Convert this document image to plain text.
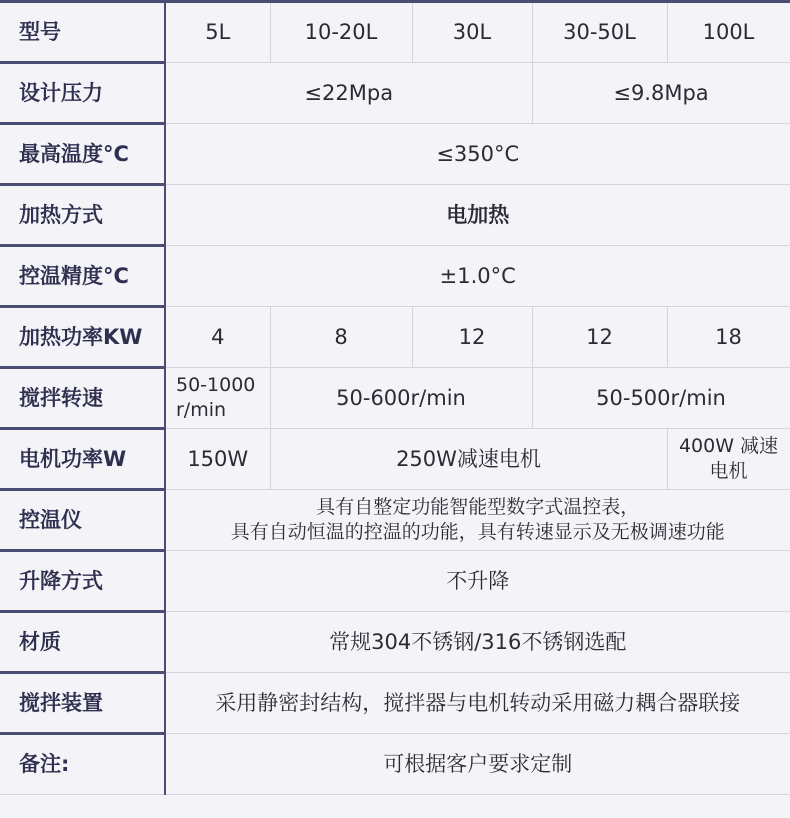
型号	5L	10-20L	30L	30-50L	100L
设计压力	≤22Mpa			≤9.8Mpa	
最高温度°C	≤350°C				
加热方式	电加热				
控温精度°C	±1.0°C				
加热功率KW	4	8	12	12	18
搅拌转速	50-1000 r/min	50-600r/min		50-500r/min	
电机功率W	150W	250W减速电机			400W 减速电机
控温仪	具有自整定功能智能型数字式温控表，
具有自动恒温的控温的功能，具有转速显示及无极调速功能				

升降方式	不升降				
材质	常规304不锈钢/316不锈钢选配				
搅拌装置	采用静密封结构，搅拌器与电机转动采用磁力耦合器联接				
备注:	可根据客户要求定制				
